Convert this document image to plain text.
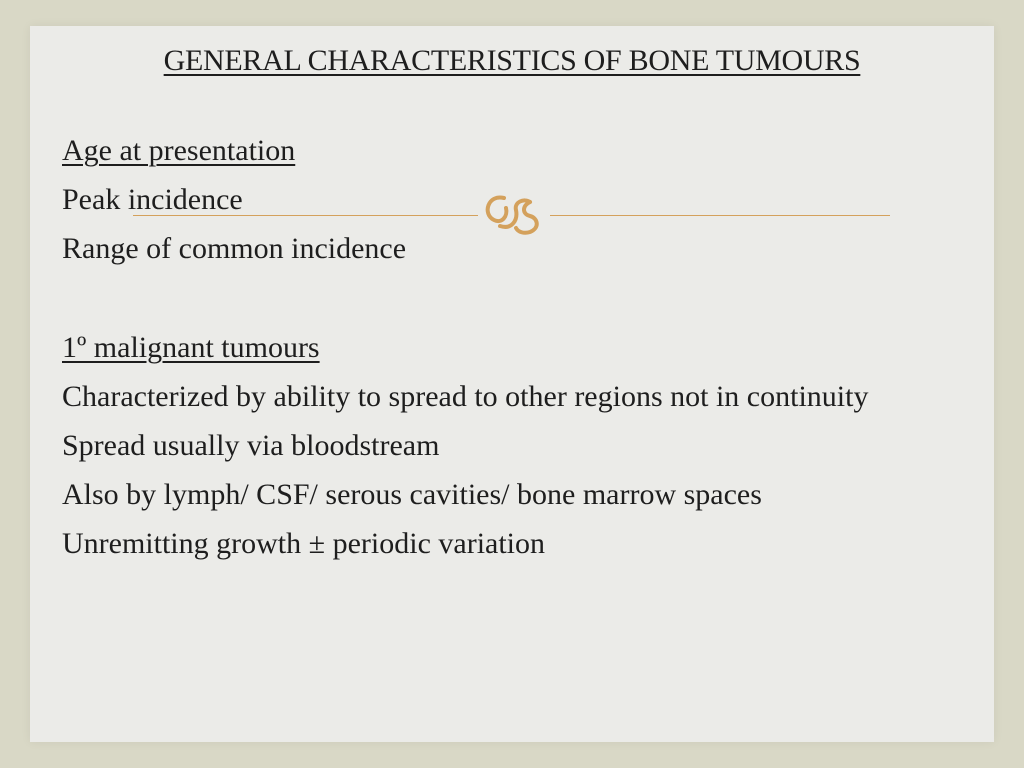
GENERAL CHARACTERISTICS OF BONE TUMOURS

Age at presentation

Peak incidence

Range of common incidence

1º malignant tumours

Characterized by ability to spread to other regions not in continuity

Spread usually via bloodstream

Also by lymph/ CSF/ serous cavities/ bone marrow spaces

Unremitting growth ± periodic variation
